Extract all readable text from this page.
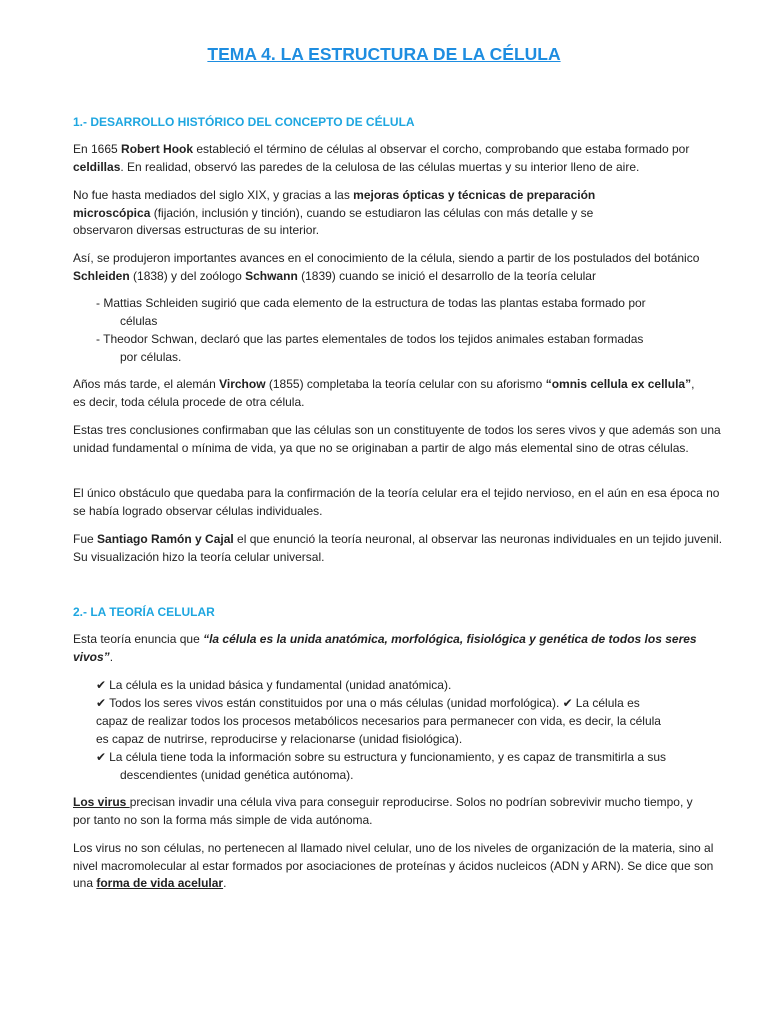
TEMA 4. LA ESTRUCTURA DE LA CÉLULA
1.- DESARROLLO HISTÓRICO DEL CONCEPTO DE CÉLULA

En 1665 Robert Hook estableció el término de células al observar el corcho, comprobando que estaba formado por celdillas. En realidad, observó las paredes de la celulosa de las células muertas y su interior lleno de aire.

No fue hasta mediados del siglo XIX, y gracias a las mejoras ópticas y técnicas de preparación microscópica (fijación, inclusión y tinción), cuando se estudiaron las células con más detalle y se observaron diversas estructuras de su interior.

Así, se produjeron importantes avances en el conocimiento de la célula, siendo a partir de los postulados del botánico Schleiden (1838) y del zoólogo Schwann (1839) cuando se inició el desarrollo de la teoría celular

- Mattias Schleiden sugirió que cada elemento de la estructura de todas las plantas estaba formado por

células

- Theodor Schwan, declaró que las partes elementales de todos los tejidos animales estaban formadas

por células.

Años más tarde, el alemán Virchow (1855) completaba la teoría celular con su aforismo “omnis cellula ex cellula”, es decir, toda célula procede de otra célula.

Estas tres conclusiones confirmaban que las células son un constituyente de todos los seres vivos y que además son una unidad fundamental o mínima de vida, ya que no se originaban a partir de algo más elemental sino de otras células.

El único obstáculo que quedaba para la confirmación de la teoría celular era el tejido nervioso, en el aún en esa época no se había logrado observar células individuales.

Fue Santiago Ramón y Cajal el que enunció la teoría neuronal, al observar las neuronas individuales en un tejido juvenil. Su visualización hizo la teoría celular universal.

2.- LA TEORÍA CELULAR

Esta teoría enuncia que “la célula es la unida anatómica, morfológica, fisiológica y genética de todos los seres vivos”.

✔ La célula es la unidad básica y fundamental (unidad anatómica).

✔ Todos los seres vivos están constituidos por una o más células (unidad morfológica). ✔ La célula es

capaz de realizar todos los procesos metabólicos necesarios para permanecer con vida, es decir, la célula

es capaz de nutrirse, reproducirse y relacionarse (unidad fisiológica).

✔ La célula tiene toda la información sobre su estructura y funcionamiento, y es capaz de transmitirla a sus

descendientes (unidad genética autónoma).

Los virus precisan invadir una célula viva para conseguir reproducirse. Solos no podrían sobrevivir mucho tiempo, y por tanto no son la forma más simple de vida autónoma.

Los virus no son células, no pertenecen al llamado nivel celular, uno de los niveles de organización de la materia, sino al nivel macromolecular al estar formados por asociaciones de proteínas y ácidos nucleicos (ADN y ARN). Se dice que son una forma de vida acelular.
